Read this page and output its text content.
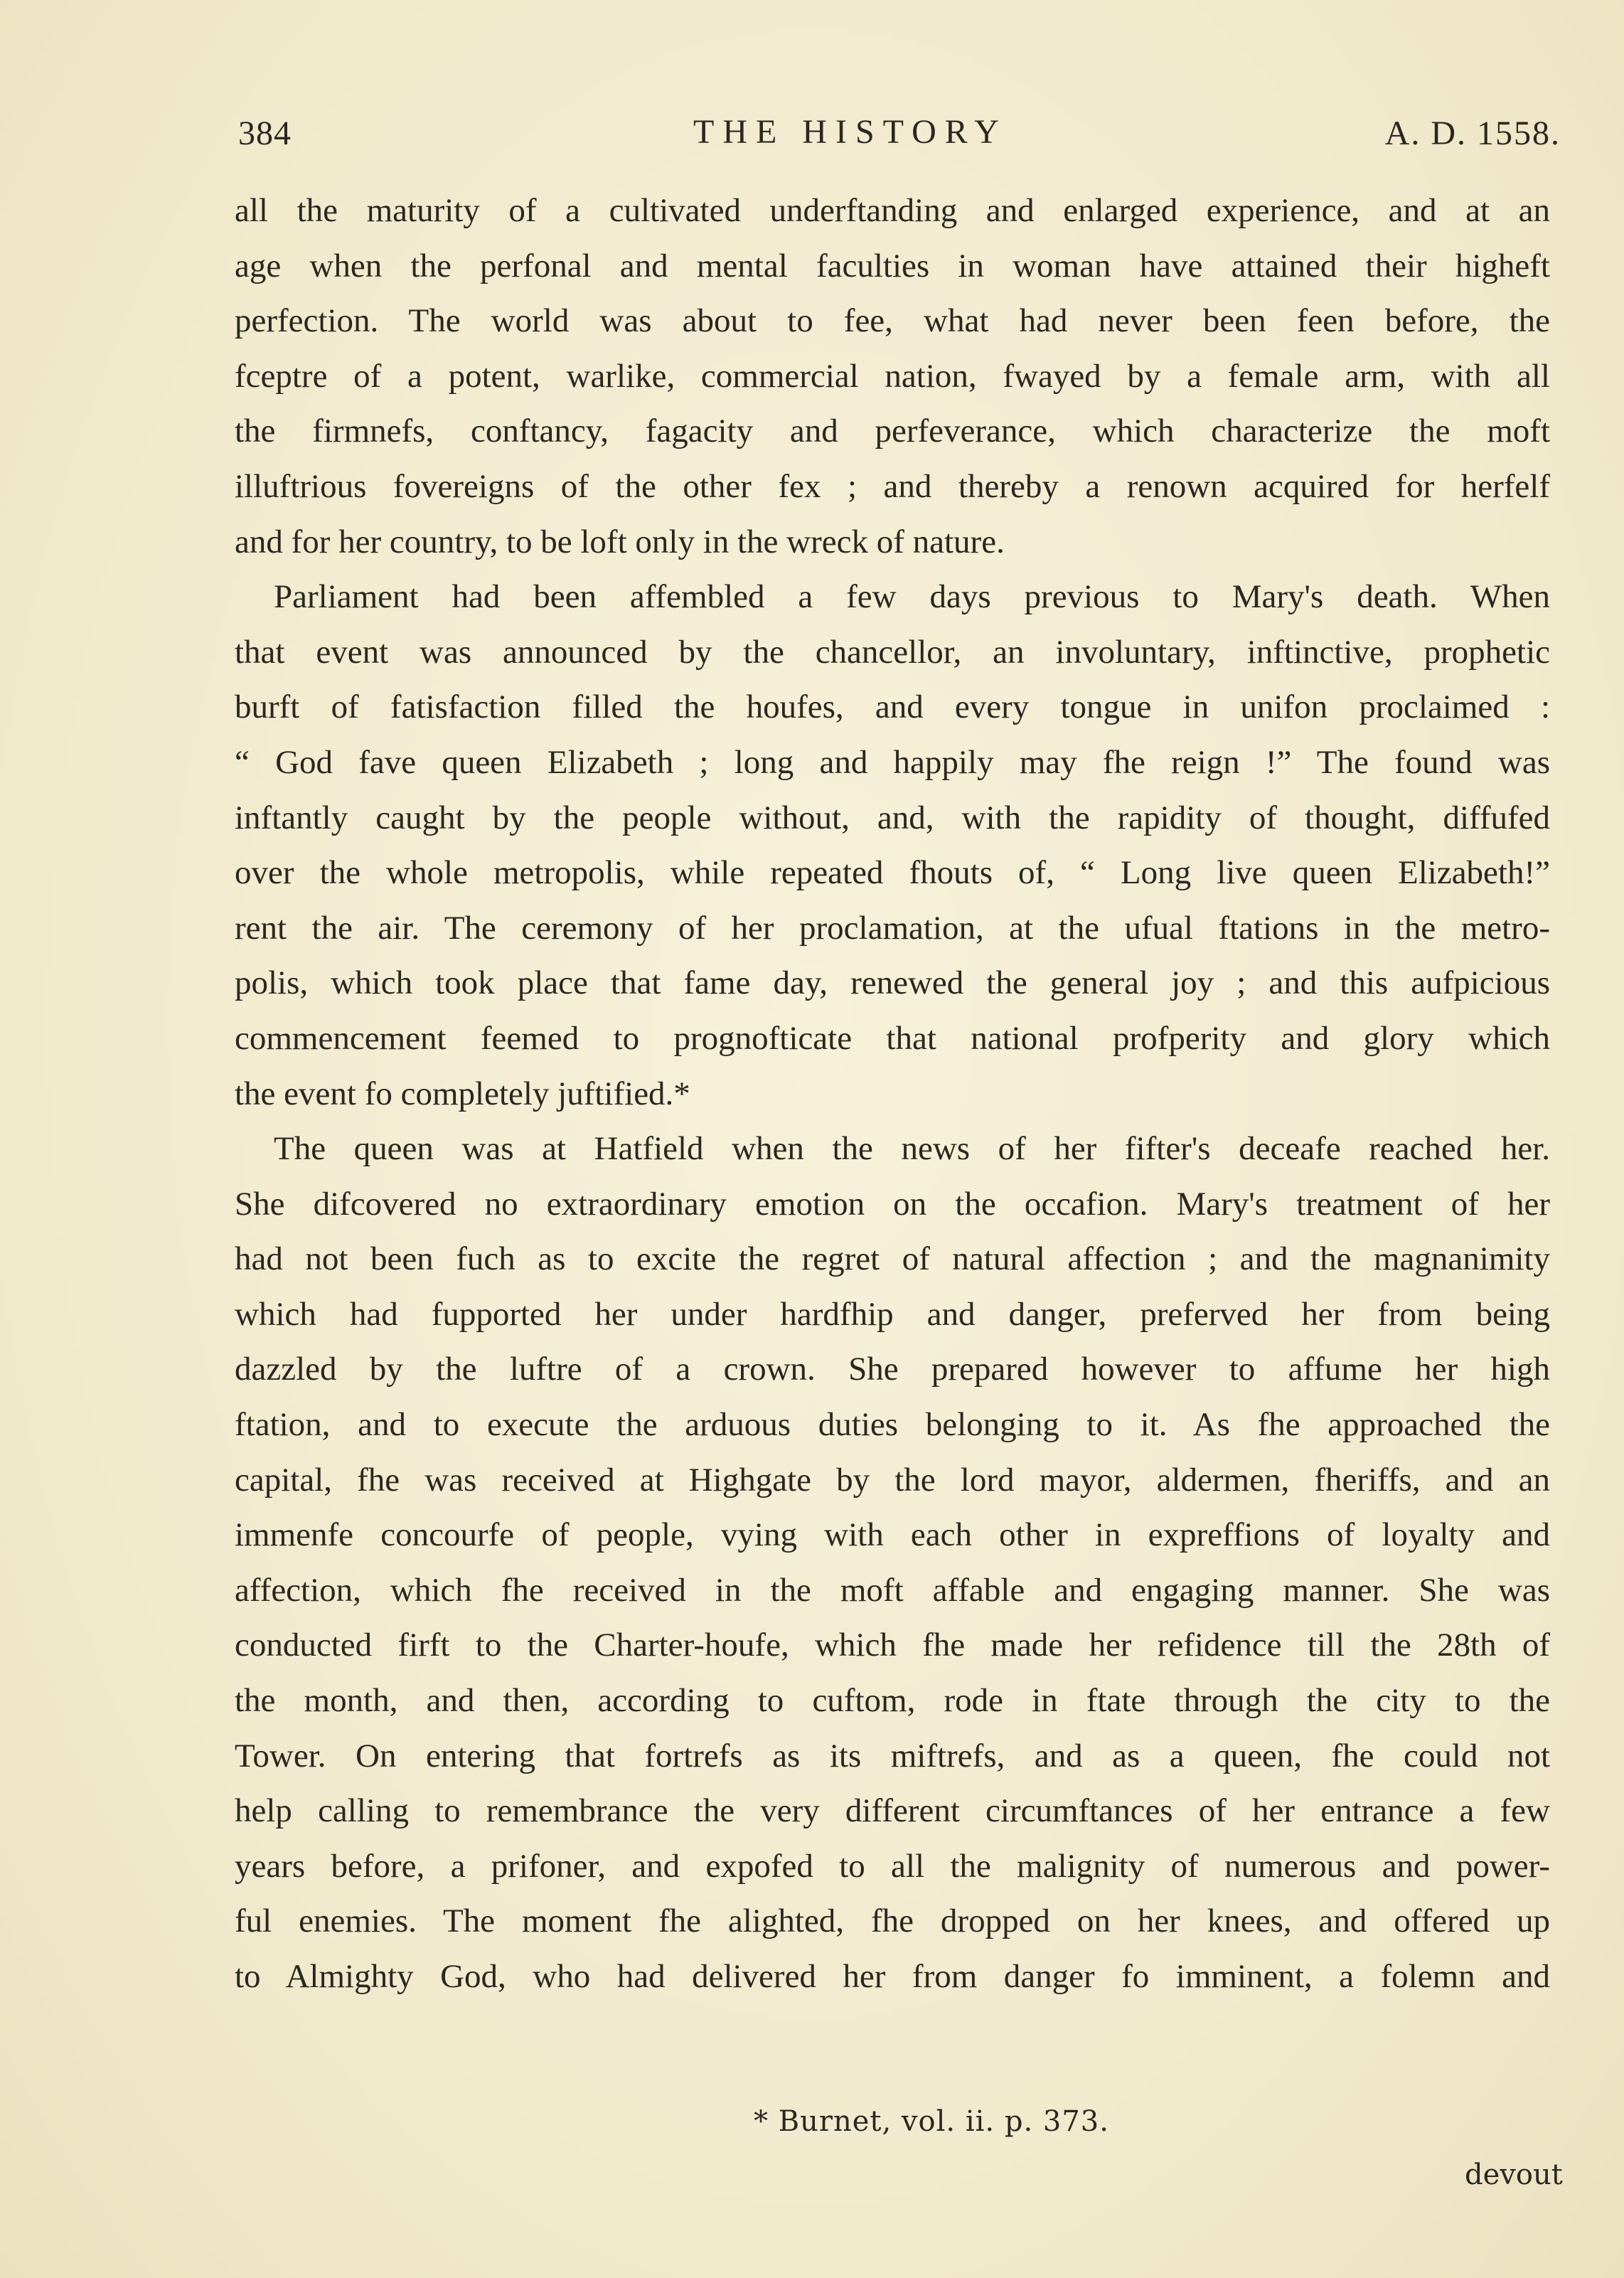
384	THE HISTORY	A. D. 1558.
all the maturity of a cultivated underftanding and enlarged experience, and at an
age when the perfonal and mental faculties in woman have attained their higheft
perfection. The world was about to fee, what had never been feen before, the
fceptre of a potent, warlike, commercial nation, fwayed by a female arm, with all
the firmnefs, conftancy, fagacity and perfeverance, which characterize the moft
illuftrious fovereigns of the other fex ; and thereby a renown acquired for herfelf
and for her country, to be loft only in the wreck of nature.
Parliament had been affembled a few days previous to Mary's death. When
that event was announced by the chancellor, an involuntary, inftinctive, prophetic
burft of fatisfaction filled the houfes, and every tongue in unifon proclaimed :
“ God fave queen Elizabeth ; long and happily may fhe reign !” The found was
inftantly caught by the people without, and, with the rapidity of thought, diffufed
over the whole metropolis, while repeated fhouts of, “ Long live queen Elizabeth!”
rent the air. The ceremony of her proclamation, at the ufual ftations in the metro-
polis, which took place that fame day, renewed the general joy ; and this aufpicious
commencement feemed to prognofticate that national profperity and glory which
the event fo completely juftified.*
The queen was at Hatfield when the news of her fifter's deceafe reached her.
She difcovered no extraordinary emotion on the occafion. Mary's treatment of her
had not been fuch as to excite the regret of natural affection ; and the magnanimity
which had fupported her under hardfhip and danger, preferved her from being
dazzled by the luftre of a crown. She prepared however to affume her high
ftation, and to execute the arduous duties belonging to it. As fhe approached the
capital, fhe was received at Highgate by the lord mayor, aldermen, fheriffs, and an
immenfe concourfe of people, vying with each other in expreffions of loyalty and
affection, which fhe received in the moft affable and engaging manner. She was
conducted firft to the Charter-houfe, which fhe made her refidence till the 28th of
the month, and then, according to cuftom, rode in ftate through the city to the
Tower. On entering that fortrefs as its miftrefs, and as a queen, fhe could not
help calling to remembrance the very different circumftances of her entrance a few
years before, a prifoner, and expofed to all the malignity of numerous and power-
ful enemies. The moment fhe alighted, fhe dropped on her knees, and offered up
to Almighty God, who had delivered her from danger fo imminent, a folemn and
* Burnet, vol. ii. p. 373.
devout
